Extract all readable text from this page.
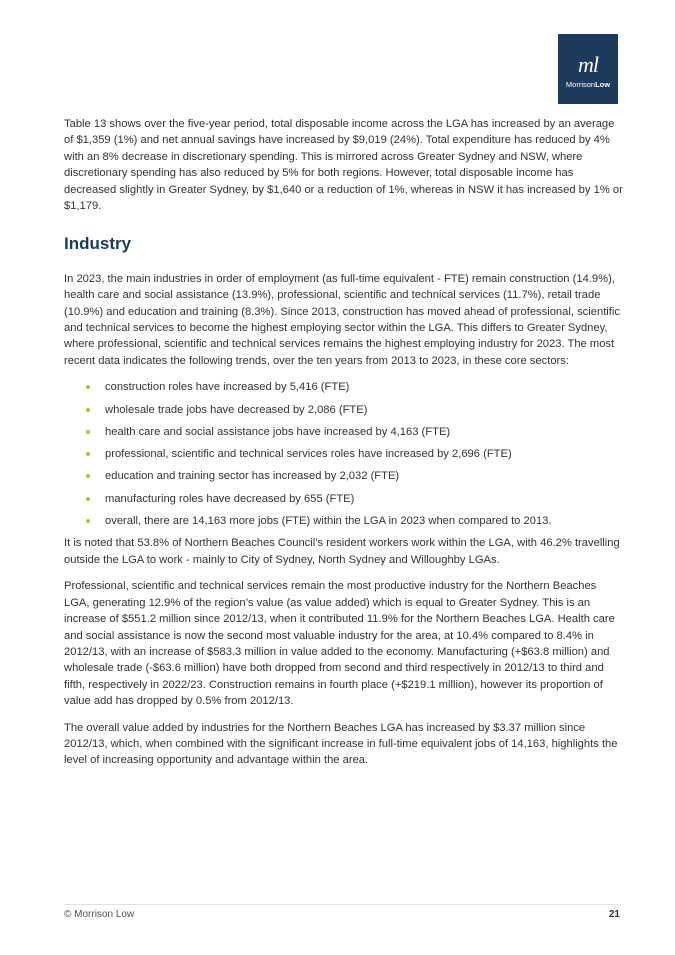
ml
MorrisonLow

Table 13 shows over the five-year period, total disposable income across the LGA has increased by an average of $1,359 (1%) and net annual savings have increased by $9,019 (24%). Total expenditure has reduced by 4% with an 8% decrease in discretionary spending. This is mirrored across Greater Sydney and NSW, where discretionary spending has also reduced by 5% for both regions. However, total disposable income has decreased slightly in Greater Sydney, by $1,640 or a reduction of 1%, whereas in NSW it has increased by 1% or $1,179.

Industry

In 2023, the main industries in order of employment (as full-time equivalent - FTE) remain construction (14.9%), health care and social assistance (13.9%), professional, scientific and technical services (11.7%), retail trade (10.9%) and education and training (8.3%). Since 2013, construction has moved ahead of professional, scientific and technical services to become the highest employing sector within the LGA. This differs to Greater Sydney, where professional, scientific and technical services remains the highest employing industry for 2023. The most recent data indicates the following trends, over the ten years from 2013 to 2023, in these core sectors:

construction roles have increased by 5,416 (FTE)
wholesale trade jobs have decreased by 2,086 (FTE)
health care and social assistance jobs have increased by 4,163 (FTE)
professional, scientific and technical services roles have increased by 2,696 (FTE)
education and training sector has increased by 2,032 (FTE)
manufacturing roles have decreased by 655 (FTE)
overall, there are 14,163 more jobs (FTE) within the LGA in 2023 when compared to 2013.

It is noted that 53.8% of Northern Beaches Council’s resident workers work within the LGA, with 46.2% travelling outside the LGA to work - mainly to City of Sydney, North Sydney and Willoughby LGAs.

Professional, scientific and technical services remain the most productive industry for the Northern Beaches LGA, generating 12.9% of the region’s value (as value added) which is equal to Greater Sydney. This is an increase of $551.2 million since 2012/13, when it contributed 11.9% for the Northern Beaches LGA. Health care and social assistance is now the second most valuable industry for the area, at 10.4% compared to 8.4% in 2012/13, with an increase of $583.3 million in value added to the economy. Manufacturing (+$63.8 million) and wholesale trade (-$63.6 million) have both dropped from second and third respectively in 2012/13 to third and fifth, respectively in 2022/23. Construction remains in fourth place (+$219.1 million), however its proportion of value add has dropped by 0.5% from 2012/13.

The overall value added by industries for the Northern Beaches LGA has increased by $3.37 million since 2012/13, which, when combined with the significant increase in full-time equivalent jobs of 14,163, highlights the level of increasing opportunity and advantage within the area.

© Morrison Low	21
